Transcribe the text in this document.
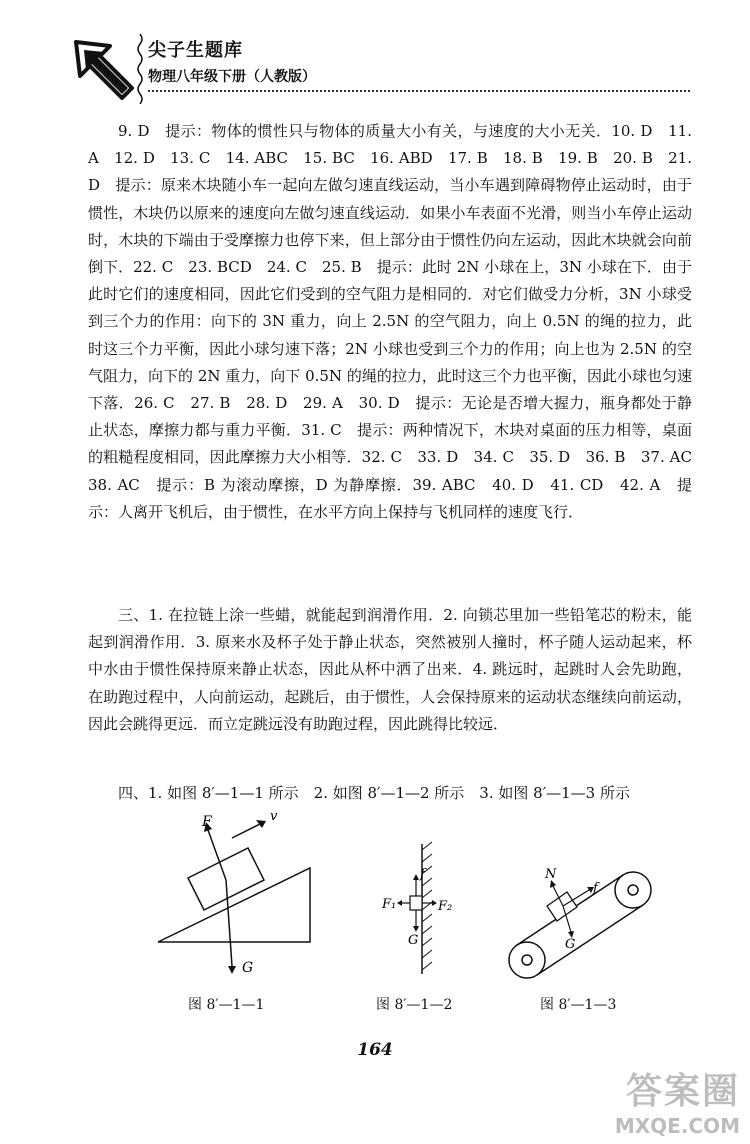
尖子生题库
物理八年级下册（人教版）
9. D　提示：物体的惯性只与物体的质量大小有关，与速度的大小无关．10. D　11. A　12. D　13. C　14. ABC　15. BC　16. ABD　17. B　18. B　19. B　20. B　21. D　提示：原来木块随小车一起向左做匀速直线运动，当小车遇到障碍物停止运动时，由于惯性，木块仍以原来的速度向左做匀速直线运动．如果小车表面不光滑，则当小车停止运动时，木块的下端由于受摩擦力也停下来，但上部分由于惯性仍向左运动，因此木块就会向前倒下．22. C　23. BCD　24. C　25. B　提示：此时 2N 小球在上，3N 小球在下．由于此时它们的速度相同，因此它们受到的空气阻力是相同的．对它们做受力分析，3N 小球受到三个力的作用：向下的 3N 重力，向上 2.5N 的空气阻力，向上 0.5N 的绳的拉力，此时这三个力平衡，因此小球匀速下落；2N 小球也受到三个力的作用；向上也为 2.5N 的空气阻力，向下的 2N 重力，向下 0.5N 的绳的拉力，此时这三个力也平衡，因此小球也匀速下落．26. C　27. B　28. D　29. A　30. D　提示：无论是否增大握力，瓶身都处于静止状态，摩擦力都与重力平衡．31. C　提示：两种情况下，木块对桌面的压力相等，桌面的粗糙程度相同，因此摩擦力大小相等．32. C　33. D　34. C　35. D　36. B　37. AC　38. AC　提示：B 为滚动摩擦，D 为静摩擦．39. ABC　40. D　41. CD　42. A　提示：人离开飞机后，由于惯性，在水平方向上保持与飞机同样的速度飞行．
三、1. 在拉链上涂一些蜡，就能起到润滑作用．2. 向锁芯里加一些铅笔芯的粉末，能起到润滑作用．3. 原来水及杯子处于静止状态，突然被别人撞时，杯子随人运动起来，杯中水由于惯性保持原来静止状态，因此从杯中洒了出来．4. 跳远时，起跳时人会先助跑，在助跑过程中，人向前运动，起跳后，由于惯性，人会保持原来的运动状态继续向前运动，因此会跳得更远．而立定跳远没有助跑过程，因此跳得比较远．
四、1. 如图 8′—1—1 所示　2. 如图 8′—1—2 所示　3. 如图 8′—1—3 所示
F	v
G
图 8′—1—1
f
F₁	F₂
G
图 8′—1—2
N
f
G
图 8′—1—3
164
答案圈
MXQE.COM
